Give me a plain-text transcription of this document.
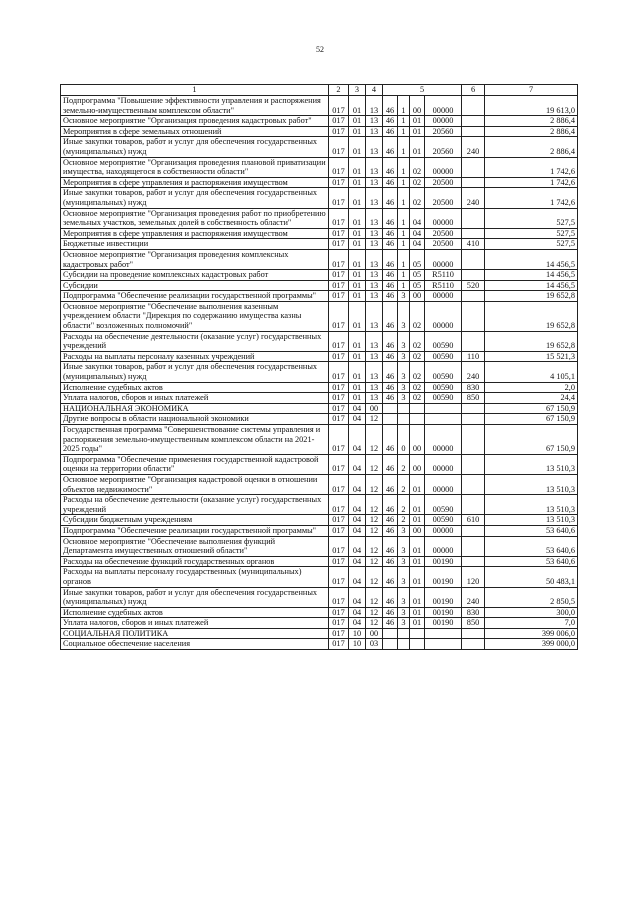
52
1	2	3	4	5				6	7
Подпрограмма "Повышение эффективности управления и распоряжения земельно-имущественным комплексом области"	017	01	13	46	1	00	00000		19 613,0
Основное мероприятие "Организация проведения кадастровых работ"	017	01	13	46	1	01	00000		2 886,4
Мероприятия в сфере земельных отношений	017	01	13	46	1	01	20560		2 886,4
Иные закупки товаров, работ и услуг для обеспечения государственных (муниципальных) нужд	017	01	13	46	1	01	20560	240	2 886,4
Основное мероприятие "Организация проведения плановой приватизации имущества, находящегося в собственности области"	017	01	13	46	1	02	00000		1 742,6
Мероприятия в сфере управления и распоряжения имуществом	017	01	13	46	1	02	20500		1 742,6
Иные закупки товаров, работ и услуг для обеспечения государственных (муниципальных) нужд	017	01	13	46	1	02	20500	240	1 742,6
Основное мероприятие "Организация проведения работ по приобретению земельных участков, земельных долей в собственность области"	017	01	13	46	1	04	00000		527,5
Мероприятия в сфере управления и распоряжения имуществом	017	01	13	46	1	04	20500		527,5
Бюджетные инвестиции	017	01	13	46	1	04	20500	410	527,5
Основное мероприятие "Организация проведения комплексных кадастровых работ"	017	01	13	46	1	05	00000		14 456,5
Субсидии на проведение комплексных кадастровых работ	017	01	13	46	1	05	R5110		14 456,5
Субсидии	017	01	13	46	1	05	R5110	520	14 456,5
Подпрограмма "Обеспечение реализации государственной программы"	017	01	13	46	3	00	00000		19 652,8
Основное мероприятие "Обеспечение выполнения казенным учреждением области "Дирекция по содержанию имущества казны области" возложенных полномочий"	017	01	13	46	3	02	00000		19 652,8
Расходы на обеспечение деятельности (оказание услуг) государственных учреждений	017	01	13	46	3	02	00590		19 652,8
Расходы на выплаты персоналу казенных учреждений	017	01	13	46	3	02	00590	110	15 521,3
Иные закупки товаров, работ и услуг для обеспечения государственных (муниципальных) нужд	017	01	13	46	3	02	00590	240	4 105,1
Исполнение судебных актов	017	01	13	46	3	02	00590	830	2,0
Уплата налогов, сборов и иных платежей	017	01	13	46	3	02	00590	850	24,4
НАЦИОНАЛЬНАЯ ЭКОНОМИКА	017	04	00						67 150,9
Другие вопросы в области национальной экономики	017	04	12						67 150,9
Государственная программа "Совершенствование системы управления и распоряжения земельно-имущественным комплексом области на 2021-2025 годы"	017	04	12	46	0	00	00000		67 150,9
Подпрограмма "Обеспечение применения государственной кадастровой оценки на территории области"	017	04	12	46	2	00	00000		13 510,3
Основное мероприятие "Организация кадастровой оценки в отношении объектов недвижимости"	017	04	12	46	2	01	00000		13 510,3
Расходы на обеспечение деятельности (оказание услуг) государственных учреждений	017	04	12	46	2	01	00590		13 510,3
Субсидии бюджетным учреждениям	017	04	12	46	2	01	00590	610	13 510,3
Подпрограмма "Обеспечение реализации государственной программы"	017	04	12	46	3	00	00000		53 640,6
Основное мероприятие "Обеспечение выполнения функций Департамента имущественных отношений области"	017	04	12	46	3	01	00000		53 640,6
Расходы на обеспечение функций государственных органов	017	04	12	46	3	01	00190		53 640,6
Расходы на выплаты персоналу государственных (муниципальных) органов	017	04	12	46	3	01	00190	120	50 483,1
Иные закупки товаров, работ и услуг для обеспечения государственных (муниципальных) нужд	017	04	12	46	3	01	00190	240	2 850,5
Исполнение судебных актов	017	04	12	46	3	01	00190	830	300,0
Уплата налогов, сборов и иных платежей	017	04	12	46	3	01	00190	850	7,0
СОЦИАЛЬНАЯ ПОЛИТИКА	017	10	00						399 006,0
Социальное обеспечение населения	017	10	03						399 000,0
